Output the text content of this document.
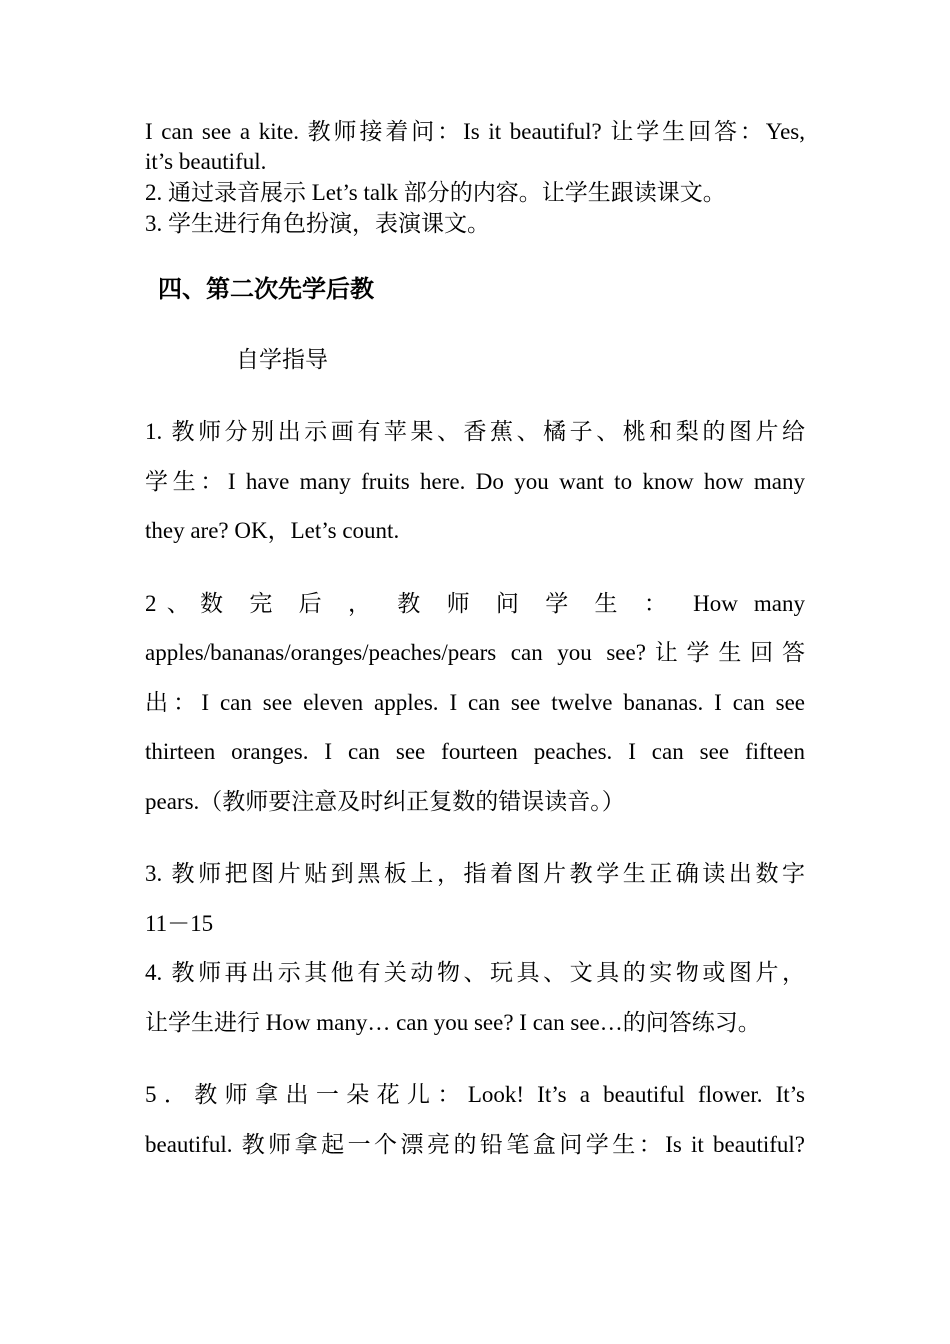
I can see a kite. 教师接着问：Is it beautiful? 让学生回答：Yes,
it’s beautiful.
2. 通过录音展示 Let’s talk 部分的内容。让学生跟读课文。
3. 学生进行角色扮演，表演课文。
四、第二次先学后教
自学指导
1. 教师分别出示画有苹果、香蕉、橘子、桃和梨的图片给
学生：I have many fruits here. Do you want to know how many
they are? OK，Let’s count.
2、数 完 后 ， 教 师 问 学 生 ： How many
apples/bananas/oranges/peaches/pears can you see?让学生回答
出：I can see eleven apples. I can see twelve bananas. I can see
thirteen oranges. I can see fourteen peaches. I can see fifteen
pears.（教师要注意及时纠正复数的错误读音。）
3. 教师把图片贴到黑板上，指着图片教学生正确读出数字
11－15
4. 教师再出示其他有关动物、玩具、文具的实物或图片，
让学生进行 How many… can you see? I can see…的问答练习。
5．教师拿出一朵花儿：Look! It’s a beautiful flower. It’s
beautiful. 教师拿起一个漂亮的铅笔盒问学生：Is it beautiful?
